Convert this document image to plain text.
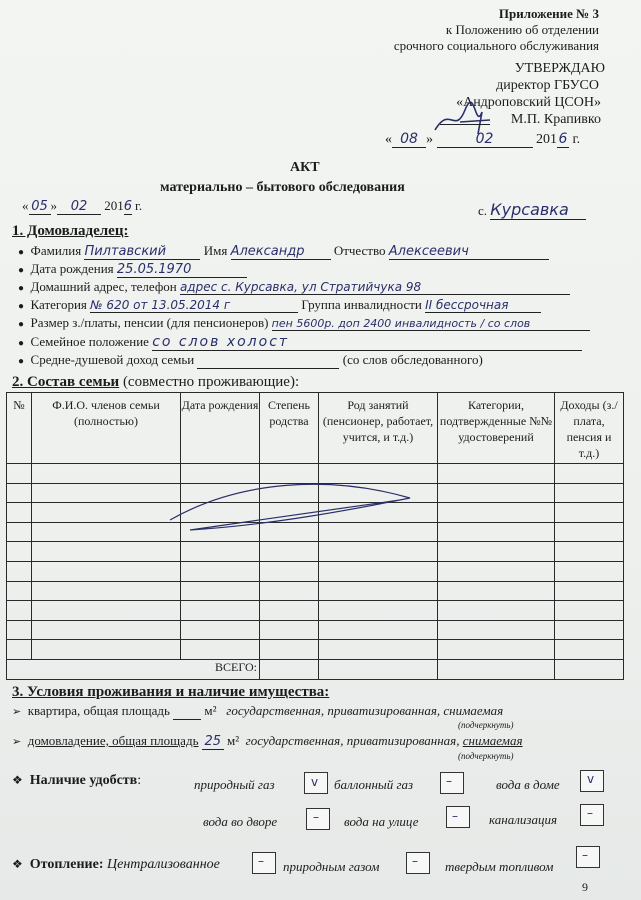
Приложение № 3
к Положению об отделении
срочного социального обслуживания
УТВЕРЖДАЮ
директор ГБУСО
«Андроповский ЦСОН»
М.П. Крапивко
« 08 »	02	201 6 г.
АКТ
материально – бытового обследования
« 05 » 02 2016 г.	с. Курсавка
1. Домовладелец:
● Фамилия Пилтавский	Имя Александр Отчество Алексеевич
● Дата рождения 25.05.1970
● Домашний адрес, телефон адрес с. Курсавка, ул Стратийчука 98
● Категория № 620 от 13.05.2014 г	Группа инвалидности II бессрочная
● Размер з./платы, пенсии (для пенсионеров) пен 5600р. доп 2400 инвалидность / со слов
● Семейное положение со слов холост
● Средне-душевой доход семьи	(со слов обследованного)
2. Состав семьи (совместно проживающие):
№	Ф.И.О. членов семьи (полностью)	Дата рождения	Степень родства	Род занятий (пенсионер, работает, учится, и т.д.)	Категории, подтвержденные №№ удостоверений	Доходы (з./плата, пенсия и т.д.)

ВСЕГО:						
3. Условия проживания и наличие имущества:
➢ квартира, общая площадь	м² государственная, приватизированная, снимаемая
(подчеркнуть)
➢ домовладение, общая площадь 25 м² государственная, приватизированная, снимаемая
(подчеркнуть)
❖ Наличие удобств:	природный газ	v баллонный газ	–	вода в доме v
вода во дворе	– вода на улице	– канализация	–
❖ Отопление: Централизованное	– природным газом	– твердым топливом
–
9
